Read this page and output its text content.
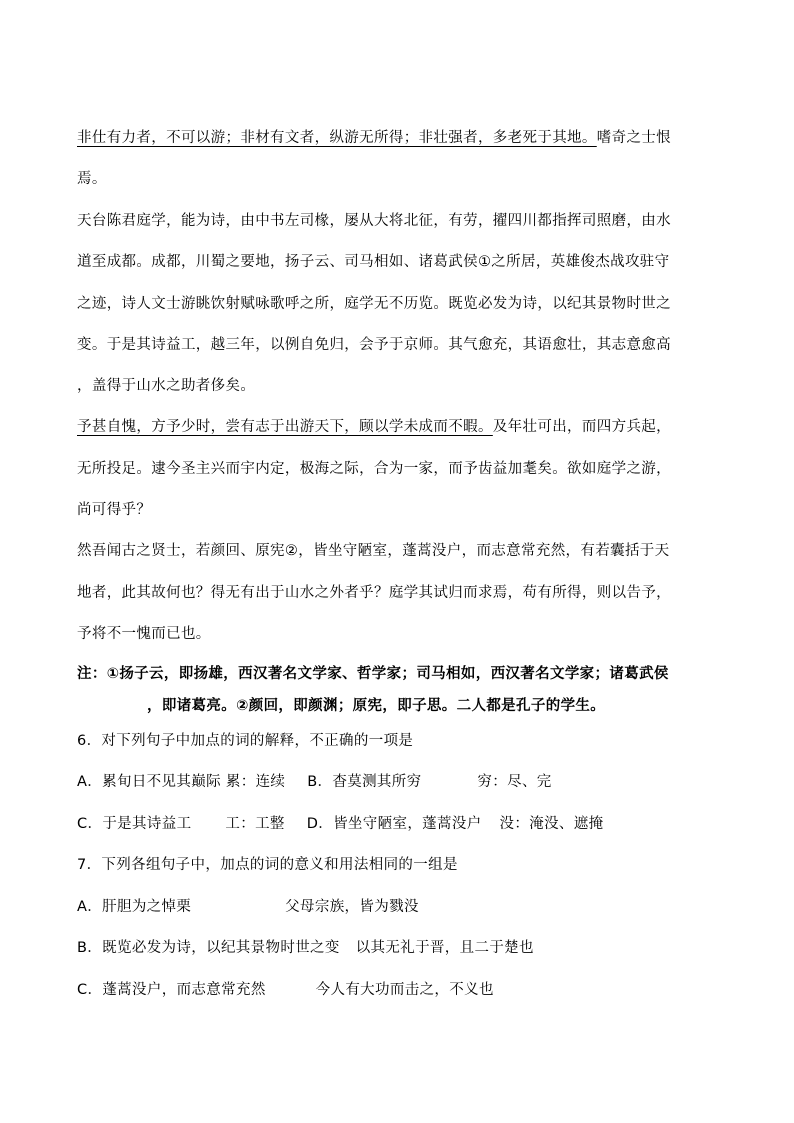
非仕有力者，不可以游；非材有文者，纵游无所得；非壮强者，多老死于其地。嗜奇之士恨
焉。
天台陈君庭学，能为诗，由中书左司椽，屡从大将北征，有劳，擢四川都指挥司照磨，由水
道至成都。成都，川蜀之要地，扬子云、司马相如、诸葛武侯①之所居，英雄俊杰战攻驻守
之迹，诗人文士游眺饮射赋咏歌呼之所，庭学无不历览。既览必发为诗，以纪其景物时世之
变。于是其诗益工，越三年，以例自免归，会予于京师。其气愈充，其语愈壮，其志意愈高
，盖得于山水之助者侈矣。
予甚自愧，方予少时，尝有志于出游天下，顾以学未成而不暇。及年壮可出，而四方兵起，
无所投足。逮今圣主兴而宇内定，极海之际，合为一家，而予齿益加耄矣。欲如庭学之游，
尚可得乎？
然吾闻古之贤士，若颜回、原宪②，皆坐守陋室，蓬蒿没户，而志意常充然，有若囊括于天
地者，此其故何也？得无有出于山水之外者乎？庭学其试归而求焉，苟有所得，则以告予，
予将不一愧而已也。
注：①扬子云，即扬雄，西汉著名文学家、哲学家；司马相如，西汉著名文学家；诸葛武侯
，即诸葛亮。②颜回，即颜渊；原宪，即子思。二人都是孔子的学生。
6．对下列句子中加点的词的解释，不正确的一项是
A．累旬日不见其巅际 累：连续 B．杳莫测其所穷	穷：尽、完
C．于是其诗益工 工：工整 D．皆坐守陋室，蓬蒿没户 没：淹没、遮掩
7．下列各组句子中，加点的词的意义和用法相同的一组是
A．肝胆为之悼栗	父母宗族，皆为戮没
B．既览必发为诗，以纪其景物时世之变 以其无礼于晋，且二于楚也
C．蓬蒿没户，而志意常充然	今人有大功而击之，不义也
